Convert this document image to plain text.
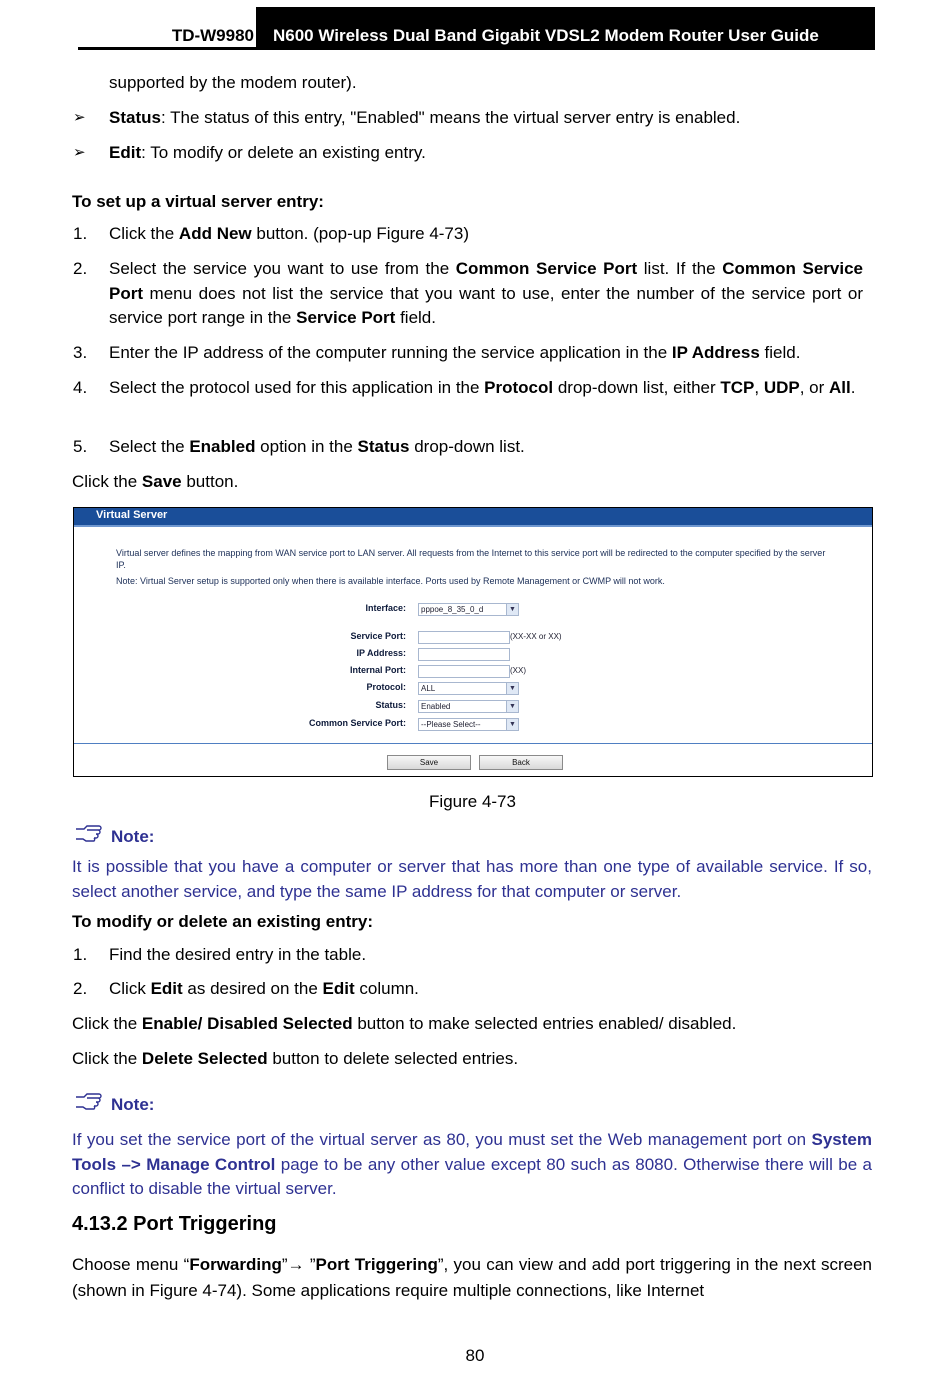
TD-W9980	N600 Wireless Dual Band Gigabit VDSL2 Modem Router User Guide
supported by the modem router).
➢ Status: The status of this entry, "Enabled" means the virtual server entry is enabled.
➢ Edit: To modify or delete an existing entry.
To set up a virtual server entry:
1. Click the Add New button. (pop-up Figure 4-73)
2. Select the service you want to use from the Common Service Port list. If the Common Service Port menu does not list the service that you want to use, enter the number of the service port or service port range in the Service Port field.
3. Enter the IP address of the computer running the service application in the IP Address field.
4. Select the protocol used for this application in the Protocol drop-down list, either TCP, UDP, or All.
5. Select the Enabled option in the Status drop-down list.
Click the Save button.
Virtual Server
Virtual server defines the mapping from WAN service port to LAN server. All requests from the Internet to this service port will be redirected to the computer specified by the server IP.
Note: Virtual Server setup is supported only when there is available interface. Ports used by Remote Management or CWMP will not work.
Interface:	pppoe_8_35_0_d	▼
Service Port:	(XX-XX or XX)
IP Address:
Internal Port:	(XX)
Protocol:	ALL	▼
Status:	Enabled	▼
Common Service Port:	--Please Select--	▼
Save	Back
Figure 4-73
Note:
It is possible that you have a computer or server that has more than one type of available service. If so, select another service, and type the same IP address for that computer or server.
To modify or delete an existing entry:
1. Find the desired entry in the table.
2. Click Edit as desired on the Edit column.
Click the Enable/ Disabled Selected button to make selected entries enabled/ disabled.
Click the Delete Selected button to delete selected entries.
Note:
If you set the service port of the virtual server as 80, you must set the Web management port on System Tools –> Manage Control page to be any other value except 80 such as 8080. Otherwise there will be a conflict to disable the virtual server.
4.13.2 Port Triggering
Choose menu “Forwarding”→ ”Port Triggering”, you can view and add port triggering in the next screen (shown in Figure 4-74). Some applications require multiple connections, like Internet
80
